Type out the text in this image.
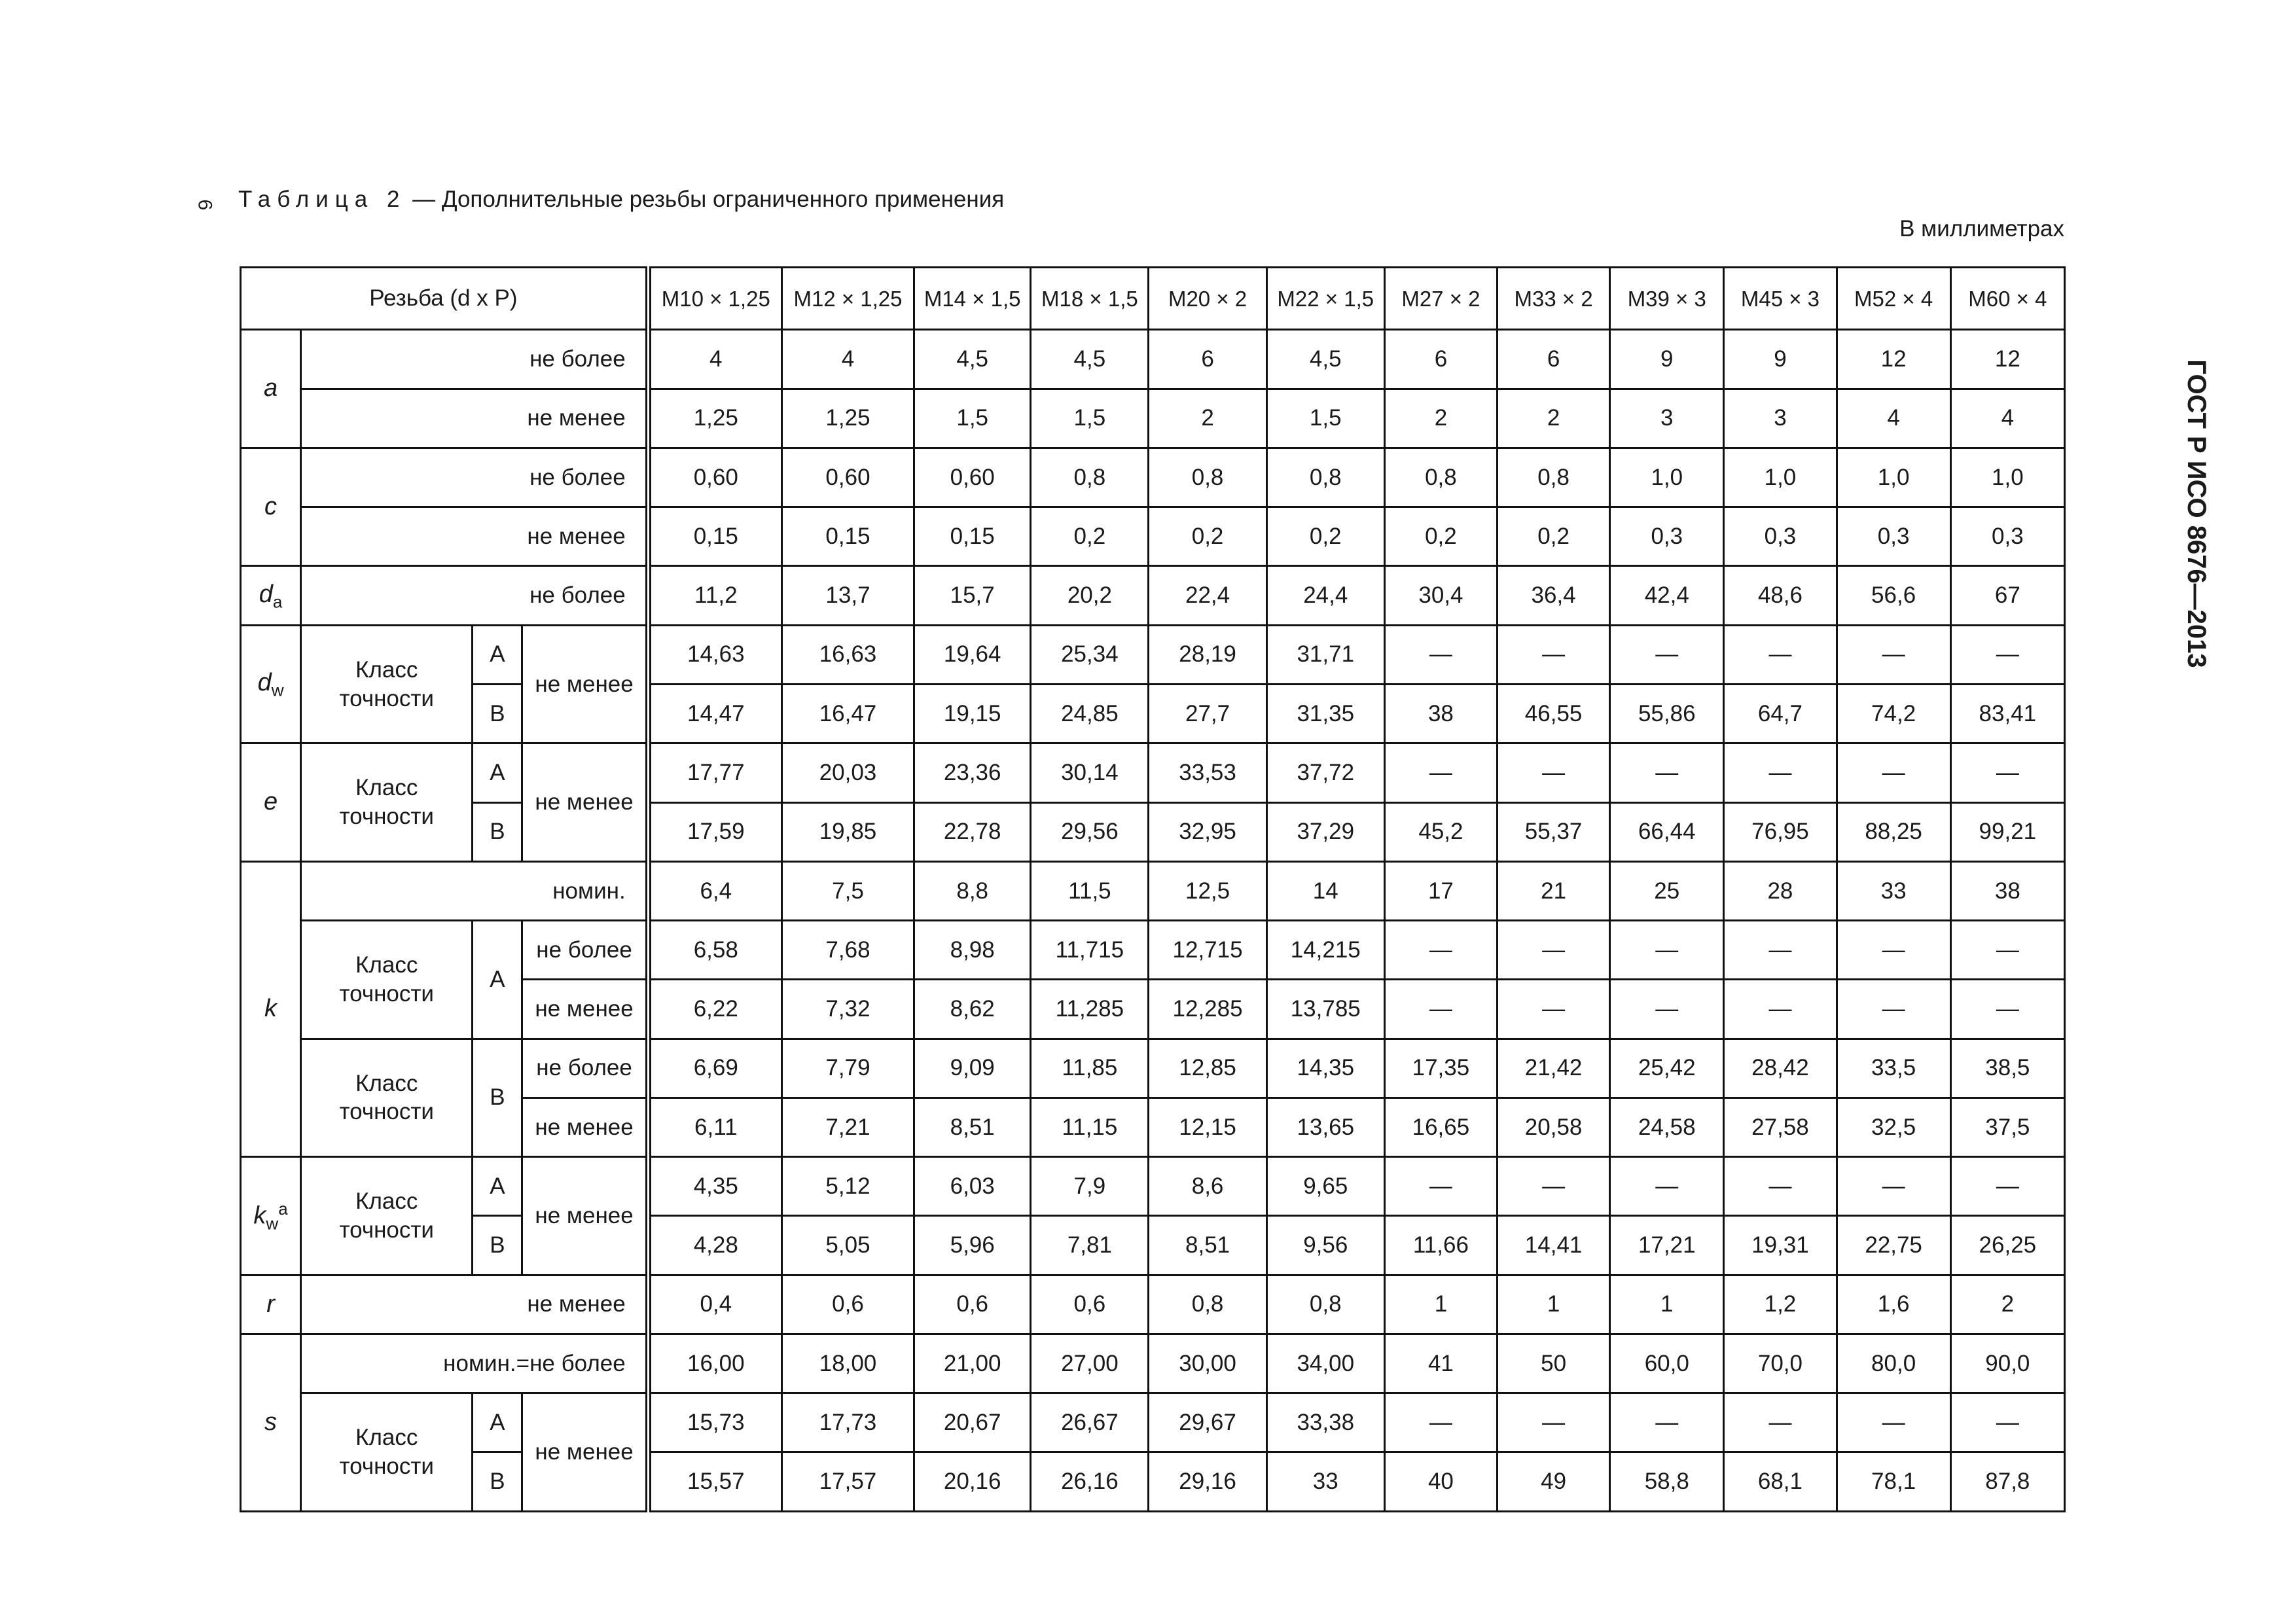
6 Таблица 2 — Дополнительные резьбы ограниченного применения
В миллиметрах
ГОСТ Р ИСО 8676—2013
Резьба (d x P)				M10 × 1,25	M12 × 1,25	M14 × 1,5	M18 × 1,5	M20 × 2	M22 × 1,5	M27 × 2	M33 × 2	M39 × 3	M45 × 3	M52 × 4	M60 × 4
a	не более			4	4	4,5	4,5	6	4,5	6	6	9	9	12	12
	не менее			1,25	1,25	1,5	1,5	2	1,5	2	2	3	3	4	4
c	не более			0,60	0,60	0,60	0,8	0,8	0,8	0,8	0,8	1,0	1,0	1,0	1,0
	не менее			0,15	0,15	0,15	0,2	0,2	0,2	0,2	0,2	0,3	0,3	0,3	0,3
$d_a$	не более			11,2	13,7	15,7	20,2	22,4	24,4	30,4	36,4	42,4	48,6	56,6	67
$d_w$	Класс точности	A	не менее	14,63	16,63	19,64	25,34	28,19	31,71	—	—	—	—	—	—
		B		14,47	16,47	19,15	24,85	27,7	31,35	38	46,55	55,86	64,7	74,2	83,41
e	Класс точности	A	не менее	17,77	20,03	23,36	30,14	33,53	37,72	—	—	—	—	—	—
		B		17,59	19,85	22,78	29,56	32,95	37,29	45,2	55,37	66,44	76,95	88,25	99,21
k	номин.			6,4	7,5	8,8	11,5	12,5	14	17	21	25	28	33	38
	Класс точности	A	не более	6,58	7,68	8,98	11,715	12,715	14,215	—	—	—	—	—	—
			не менее	6,22	7,32	8,62	11,285	12,285	13,785	—	—	—	—	—	—
	Класс точности	B	не более	6,69	7,79	9,09	11,85	12,85	14,35	17,35	21,42	25,42	28,42	33,5	38,5
			не менее	6,11	7,21	8,51	11,15	12,15	13,65	16,65	20,58	24,58	27,58	32,5	37,5
$k_w^a$	Класс точности	A	не менее	4,35	5,12	6,03	7,9	8,6	9,65	—	—	—	—	—	—
		B		4,28	5,05	5,96	7,81	8,51	9,56	11,66	14,41	17,21	19,31	22,75	26,25
r	не менее			0,4	0,6	0,6	0,6	0,8	0,8	1	1	1	1,2	1,6	2
s	номин.=не более			16,00	18,00	21,00	27,00	30,00	34,00	41	50	60,0	70,0	80,0	90,0
	Класс точности	A	не менее	15,73	17,73	20,67	26,67	29,67	33,38	—	—	—	—	—	—
		B		15,57	17,57	20,16	26,16	29,16	33	40	49	58,8	68,1	78,1	87,8
